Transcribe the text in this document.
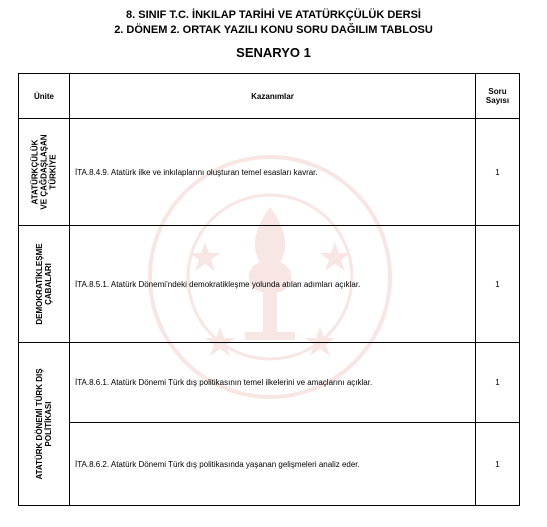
8. SINIF T.C. İNKILAP TARİHİ VE ATATÜRKÇÜLÜK DERSİ
2. DÖNEM 2. ORTAK YAZILI KONU SORU DAĞILIM TABLOSU
SENARYO 1
Ünite	Kazanımlar	Soru
Sayısı

ATATÜRKÇÜLÜK
VE ÇAĞDAŞLAŞAN
TÜRKİYE	İTA.8.4.9. Atatürk ilke ve inkılaplarını oluşturan temel esasları kavrar.	1

DEMOKRATİKLEŞME
ÇABALARI	İTA.8.5.1. Atatürk Dönemi’ndeki demokratikleşme yolunda atılan adımları açıklar.	1

ATATÜRK DÖNEMİ TÜRK DIŞ
POLİTİKASI	İTA.8.6.1. Atatürk Dönemi Türk dış politikasının temel ilkelerini ve amaçlarını açıklar.	1
	İTA.8.6.2. Atatürk Dönemi Türk dış politikasında yaşanan gelişmeleri analiz eder.	1
